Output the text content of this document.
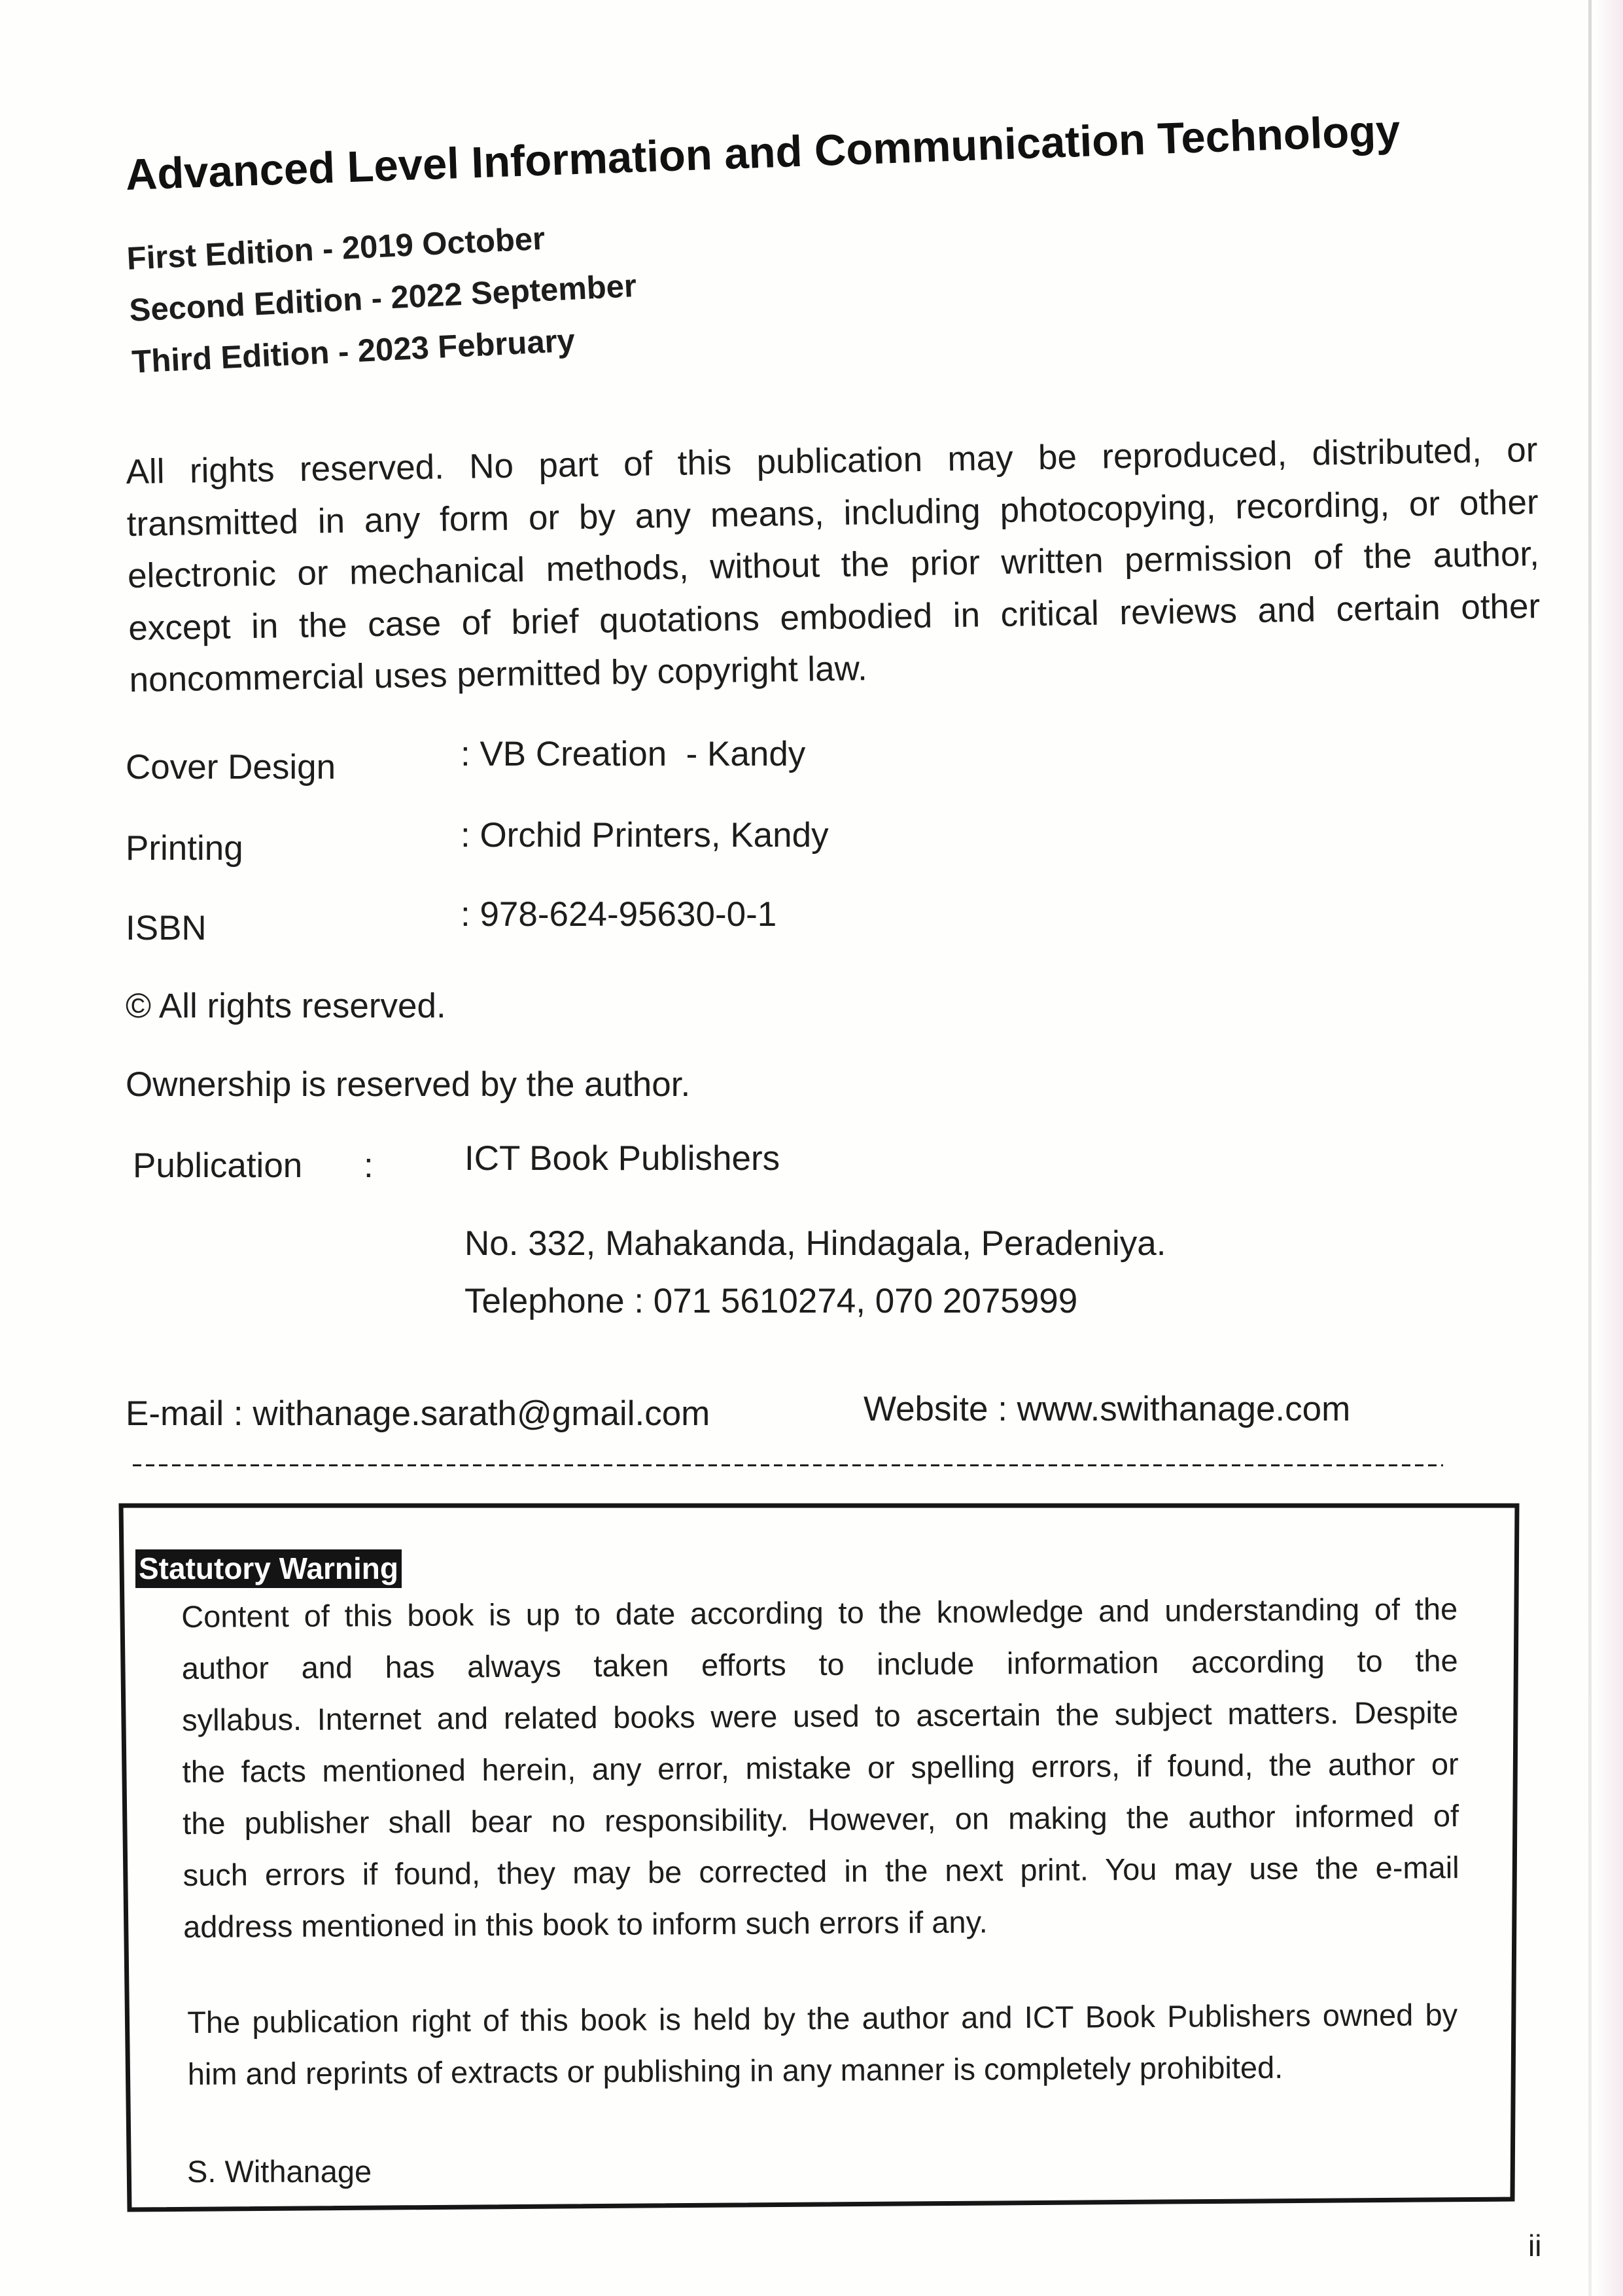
Advanced Level Information and Communication Technology
First Edition - 2019 October
Second Edition - 2022 September
Third Edition - 2023 February
All rights reserved. No part of this publication may be reproduced, distributed, or
transmitted in any form or by any means, including photocopying, recording, or other
electronic or mechanical methods, without the prior written permission of the author,
except in the case of brief quotations embodied in critical reviews and certain other
noncommercial uses permitted by copyright law.
Cover Design	: VB Creation  - Kandy
Printing	: Orchid Printers, Kandy
ISBN	: 978-624-95630-0-1
© All rights reserved.
Ownership is reserved by the author.
Publication :	ICT Book Publishers
No. 332, Mahakanda, Hindagala, Peradeniya.
Telephone : 071 5610274, 070 2075999
E-mail : withanage.sarath@gmail.com	Website : www.swithanage.com
Statutory Warning
Content of this book is up to date according to the knowledge and understanding of the
author and has always taken efforts to include information according to the
syllabus. Internet and related books were used to ascertain the subject matters. Despite
the facts mentioned herein, any error, mistake or spelling errors, if found, the author or
the publisher shall bear no responsibility. However, on making the author informed of
such errors if found, they may be corrected in the next print. You may use the e-mail
address mentioned in this book to inform such errors if any.
The publication right of this book is held by the author and ICT Book Publishers owned by
him and reprints of extracts or publishing in any manner is completely prohibited.
S. Withanage
ii
